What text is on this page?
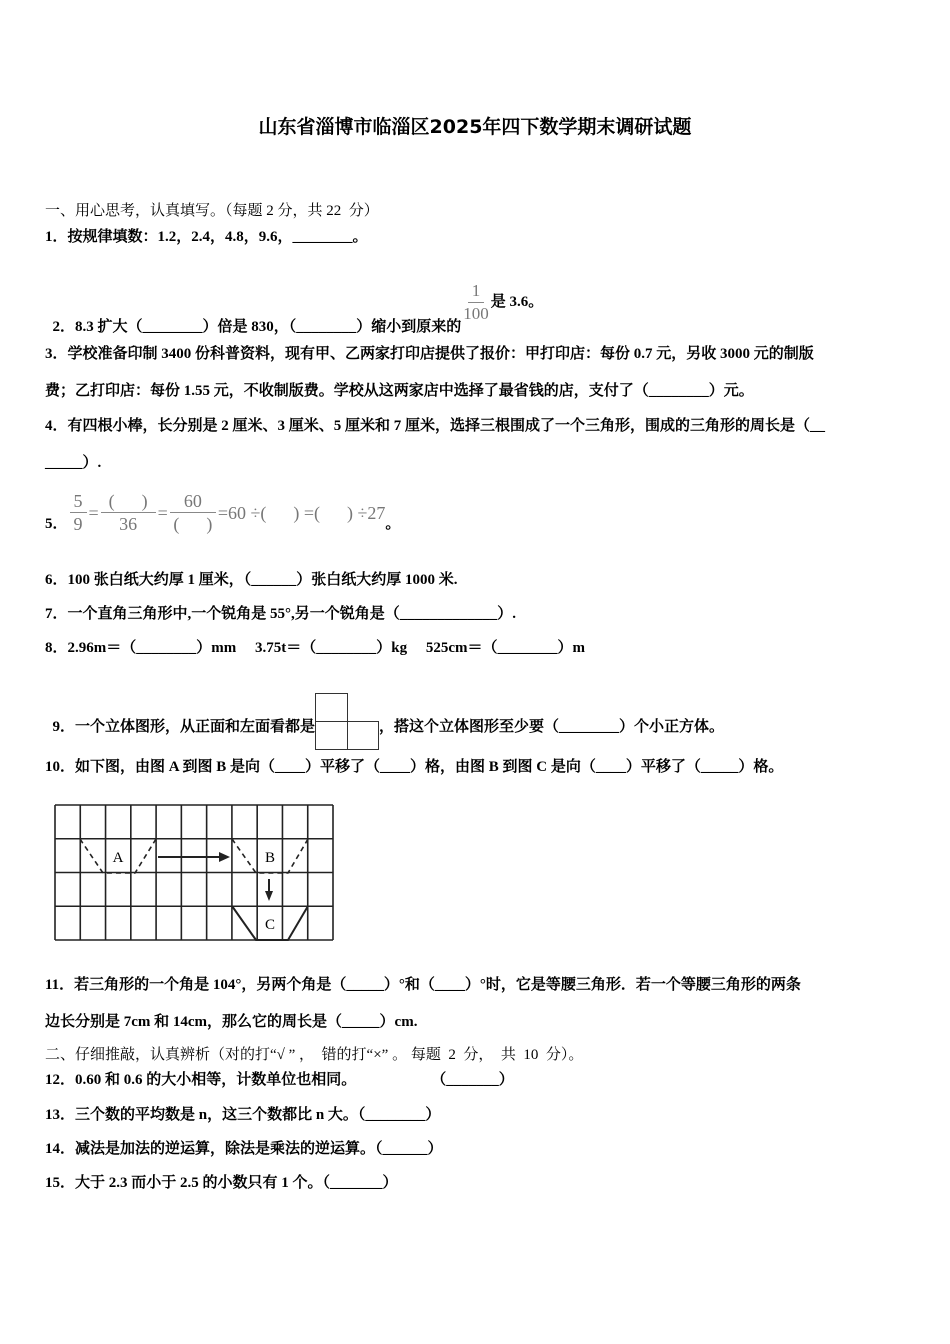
山东省淄博市临淄区2025年四下数学期末调研试题
一、用心思考，认真填写。（每题 2 分，共 22  分）
1．按规律填数：1.2，2.4，4.8，9.6，________。

2．8.3 扩大（________）倍是 830，（________）缩小到原来的
$\frac{1}{100}$ 是 3.6。

3．学校准备印制 3400 份科普资料，现有甲、乙两家打印店提供了报价：甲打印店：每份 0.7 元，另收 3000 元的制版
费；乙打印店：每份 1.55 元，不收制版费。学校从这两家店中选择了最省钱的店，支付了（________）元。
4．有四根小棒，长分别是 2 厘米、3 厘米、5 厘米和 7 厘米，选择三根围成了一个三角形，围成的三角形的周长是（__
_____）.
5． $\frac{5}{9} = \frac{( )}{36} = \frac{60}{( )} =60$ ÷(      ) =(      ) ÷27
。
6．100 张白纸大约厚 1 厘米，（______）张白纸大约厚 1000 米.
7．一个直角三角形中,一个锐角是 55°,另一个锐角是（_____________）.
8．2.96m＝（________）mm     3.75t＝（________）kg     525cm＝（________）m

9．一个立体图形，从正面和左面看都是	，搭这个立体图形至少要（________）个小正方体。

10．如下图，由图 A 到图 B 是向（____）平移了（____）格，由图 B 到图 C 是向（____）平移了（_____）格。
A	B
C
11．若三角形的一个角是 104°，另两个角是（_____）°和（____）°时，它是等腰三角形．若一个等腰三角形的两条
边长分别是 7cm 和 14cm，那么它的周长是（_____）cm.
二、仔细推敲，认真辨析（对的打“√ ” ，  错的打“×” 。 每题  2  分，  共  10  分）。
12．0.60 和 0.6 的大小相等，计数单位也相同。                    （_______）
13．三个数的平均数是 n，这三个数都比 n 大。（________）
14．减法是加法的逆运算，除法是乘法的逆运算。（______）
15．大于 2.3 而小于 2.5 的小数只有 1 个。（_______）
